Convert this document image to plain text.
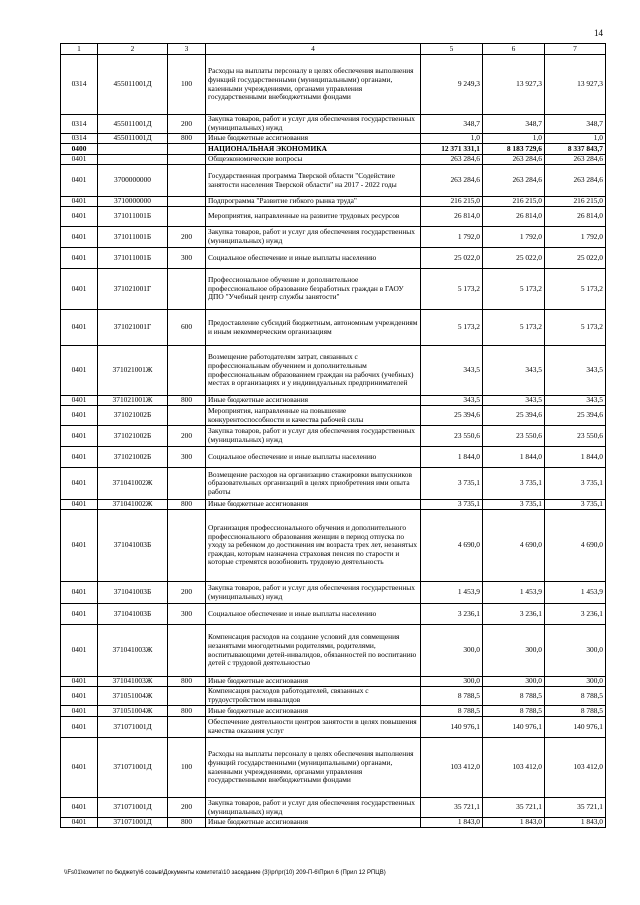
14
1	2	3	4	5	6	7
0314	455011001Д	100	Расходы на выплаты персоналу в целях обеспечения выполнения функций государственными (муниципальными) органами, казенными учреждениями, органами управления государственными внебюджетными фондами	9 249,3	13 927,3	13 927,3
0314	455011001Д	200	Закупка товаров, работ и услуг для обеспечения государственных (муниципальных) нужд	348,7	348,7	348,7
0314	455011001Д	800	Иные бюджетные ассигнования	1,0	1,0	1,0
0400			НАЦИОНАЛЬНАЯ ЭКОНОМИКА	12 371 331,1	8 183 729,6	8 337 843,7
0401			Общеэкономические вопросы	263 284,6	263 284,6	263 284,6
0401	3700000000		Государственная программа Тверской области "Содействие занятости населения Тверской области" на 2017 - 2022 годы	263 284,6	263 284,6	263 284,6
0401	3710000000		Подпрограмма "Развитие гибкого рынка труда"	216 215,0	216 215,0	216 215,0
0401	371011001Б		Мероприятия, направленные на развитие трудовых ресурсов	26 814,0	26 814,0	26 814,0
0401	371011001Б	200	Закупка товаров, работ и услуг для обеспечения государственных (муниципальных) нужд	1 792,0	1 792,0	1 792,0
0401	371011001Б	300	Социальное обеспечение и иные выплаты населению	25 022,0	25 022,0	25 022,0
0401	371021001Г		Профессиональное обучение и дополнительное профессиональное образование безработных граждан в ГАОУ ДПО "Учебный центр службы занятости"	5 173,2	5 173,2	5 173,2
0401	371021001Г	600	Предоставление субсидий бюджетным, автономным учреждениям и иным некоммерческим организациям	5 173,2	5 173,2	5 173,2
0401	371021001Ж		Возмещение работодателям затрат, связанных с профессиональным обучением и дополнительным профессиональным образованием граждан на рабочих (учебных) местах в организациях и у индивидуальных предпринимателей	343,5	343,5	343,5
0401	371021001Ж	800	Иные бюджетные ассигнования	343,5	343,5	343,5
0401	371021002Б		Мероприятия, направленные на повышение конкурентоспособности и качества рабочей силы	25 394,6	25 394,6	25 394,6
0401	371021002Б	200	Закупка товаров, работ и услуг для обеспечения государственных (муниципальных) нужд	23 550,6	23 550,6	23 550,6
0401	371021002Б	300	Социальное обеспечение и иные выплаты населению	1 844,0	1 844,0	1 844,0
0401	371041002Ж		Возмещение расходов на организацию стажировки выпускников образовательных организаций в целях приобретения ими опыта работы	3 735,1	3 735,1	3 735,1
0401	371041002Ж	800	Иные бюджетные ассигнования	3 735,1	3 735,1	3 735,1
0401	371041003Б		Организация профессионального обучения и дополнительного профессионального образования женщин в период отпуска по уходу за ребенком до достижения им возраста трех лет, незанятых граждан, которым назначена страховая пенсия по старости и которые стремятся возобновить трудовую деятельность	4 690,0	4 690,0	4 690,0
0401	371041003Б	200	Закупка товаров, работ и услуг для обеспечения государственных (муниципальных) нужд	1 453,9	1 453,9	1 453,9
0401	371041003Б	300	Социальное обеспечение и иные выплаты населению	3 236,1	3 236,1	3 236,1
0401	371041003Ж		Компенсация расходов на создание условий для совмещения незанятыми многодетными родителями, родителями, воспитывающими детей-инвалидов, обязанностей по воспитанию детей с трудовой деятельностью	300,0	300,0	300,0
0401	371041003Ж	800	Иные бюджетные ассигнования	300,0	300,0	300,0
0401	371051004Ж		Компенсация расходов работодателей, связанных с трудоустройством инвалидов	8 788,5	8 788,5	8 788,5
0401	371051004Ж	800	Иные бюджетные ассигнования	8 788,5	8 788,5	8 788,5
0401	371071001Д		Обеспечение деятельности центров занятости в целях повышения качества оказания услуг	140 976,1	140 976,1	140 976,1
0401	371071001Д	100	Расходы на выплаты персоналу в целях обеспечения выполнения функций государственными (муниципальными) органами, казенными учреждениями, органами управления государственными внебюджетными фондами	103 412,0	103 412,0	103 412,0
0401	371071001Д	200	Закупка товаров, работ и услуг для обеспечения государственных (муниципальных) нужд	35 721,1	35 721,1	35 721,1
0401	371071001Д	800	Иные бюджетные ассигнования	1 843,0	1 843,0	1 843,0
\\Fs01\комитет по бюджету\6 созыв\Документы комитета\10 заседание (3)\pr\pr(10) 209-П-6\Прил 6 (Прил 12 РПЦВ)
